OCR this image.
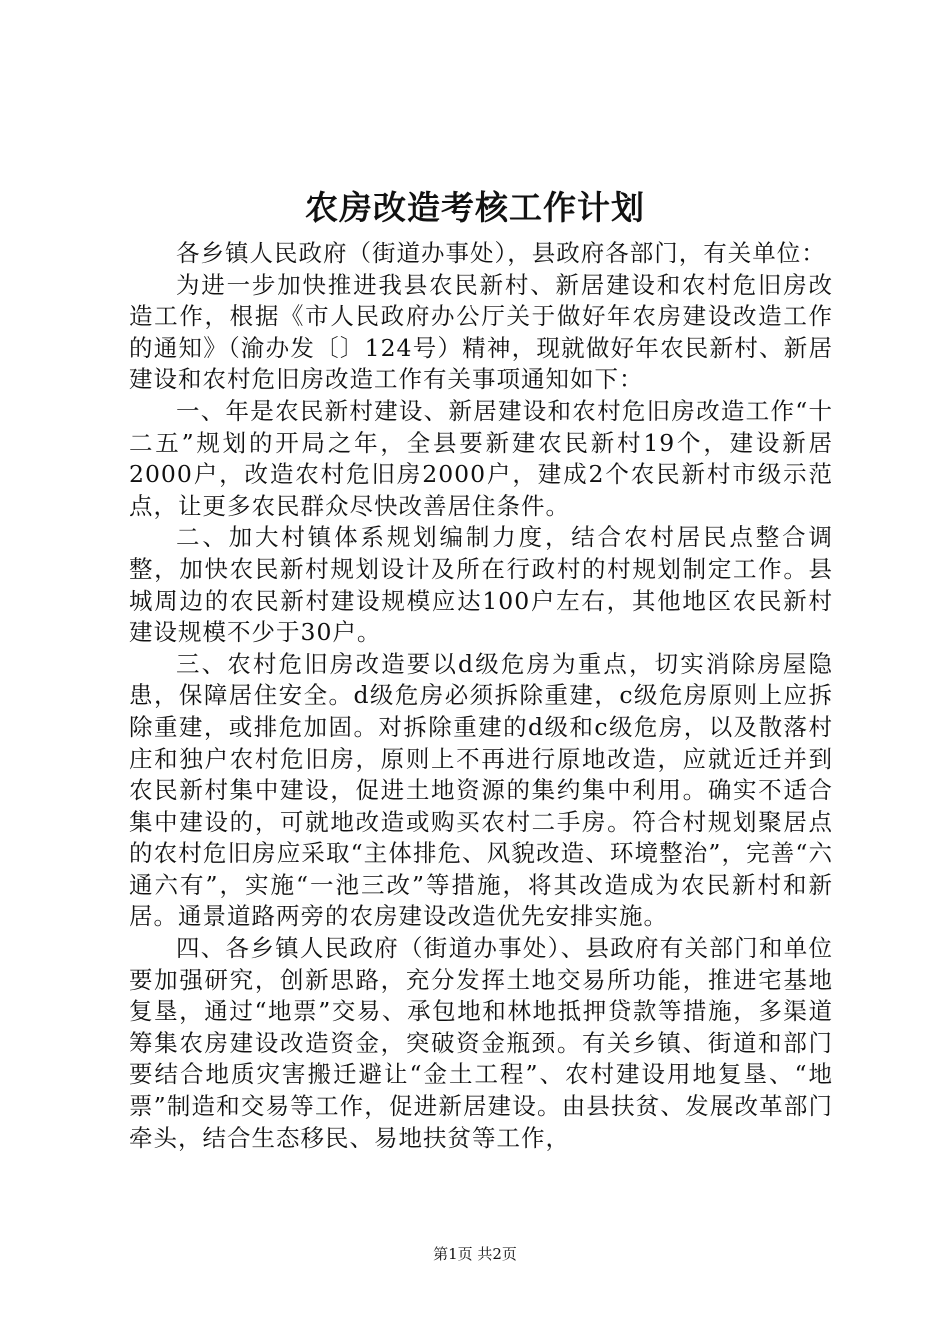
农房改造考核工作计划

各乡镇人民政府（街道办事处），县政府各部门，有关单位：

为进一步加快推进我县农民新村、新居建设和农村危旧房改造工作，根据《市人民政府办公厅关于做好年农房建设改造工作的通知》（渝办发〔〕124号）精神，现就做好年农民新村、新居建设和农村危旧房改造工作有关事项通知如下：

一、年是农民新村建设、新居建设和农村危旧房改造工作“十二五”规划的开局之年，全县要新建农民新村19个，建设新居2000户，改造农村危旧房2000户，建成2个农民新村市级示范点，让更多农民群众尽快改善居住条件。

二、加大村镇体系规划编制力度，结合农村居民点整合调整，加快农民新村规划设计及所在行政村的村规划制定工作。县城周边的农民新村建设规模应达100户左右，其他地区农民新村建设规模不少于30户。

三、农村危旧房改造要以d级危房为重点，切实消除房屋隐患，保障居住安全。d级危房必须拆除重建，c级危房原则上应拆除重建，或排危加固。对拆除重建的d级和c级危房，以及散落村庄和独户农村危旧房，原则上不再进行原地改造，应就近迁并到农民新村集中建设，促进土地资源的集约集中利用。确实不适合集中建设的，可就地改造或购买农村二手房。符合村规划聚居点的农村危旧房应采取“主体排危、风貌改造、环境整治”，完善“六通六有”，实施“一池三改”等措施，将其改造成为农民新村和新居。通景道路两旁的农房建设改造优先安排实施。

四、各乡镇人民政府（街道办事处）、县政府有关部门和单位要加强研究，创新思路，充分发挥土地交易所功能，推进宅基地复垦，通过“地票”交易、承包地和林地抵押贷款等措施，多渠道筹集农房建设改造资金，突破资金瓶颈。有关乡镇、街道和部门要结合地质灾害搬迁避让“金土工程”、农村建设用地复垦、“地票”制造和交易等工作，促进新居建设。由县扶贫、发展改革部门牵头，结合生态移民、易地扶贫等工作，

第1页 共2页
